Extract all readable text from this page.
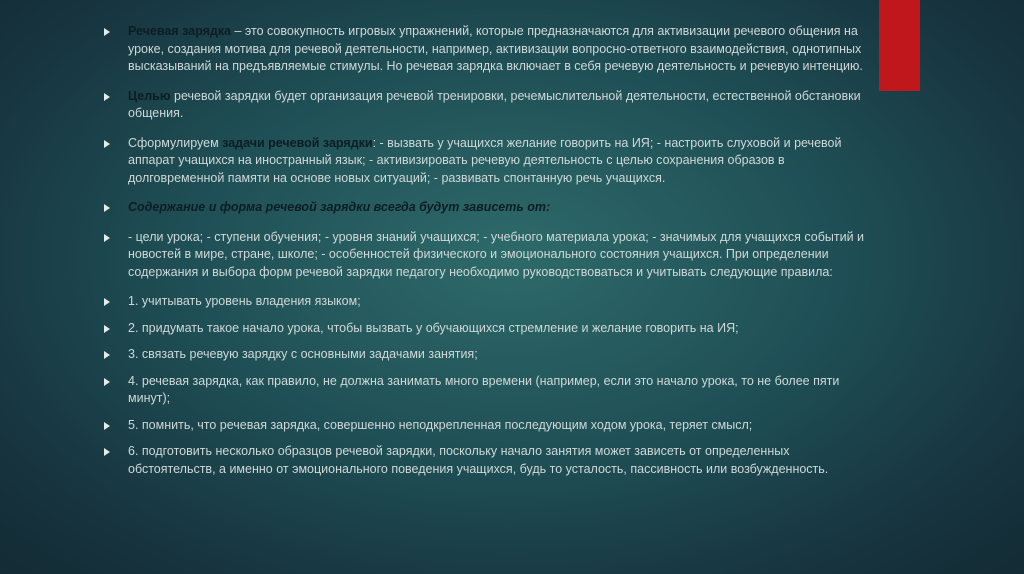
Речевая зарядка – это совокупность игровых упражнений, которые предназначаются для активизации речевого общения на уроке, создания мотива для речевой деятельности, например, активизации вопросно-ответного взаимодействия, однотипных высказываний на предъявляемые стимулы. Но речевая зарядка включает в себя речевую деятельность и речевую интенцию.
Целью речевой зарядки будет организация речевой тренировки, речемыслительной деятельности, естественной обстановки общения.
Сформулируем задачи речевой зарядки: - вызвать у учащихся желание говорить на ИЯ; - настроить слуховой и речевой аппарат учащихся на иностранный язык; - активизировать речевую деятельность с целью сохранения образов в долговременной памяти на основе новых ситуаций; - развивать спонтанную речь учащихся.
Содержание и форма речевой зарядки всегда будут зависеть от:
- цели урока; - ступени обучения; - уровня знаний учащихся; - учебного материала урока; - значимых для учащихся событий и новостей в мире, стране, школе; - особенностей физического и эмоционального состояния учащихся. При определении содержания и выбора форм речевой зарядки педагогу необходимо руководствоваться и учитывать следующие правила:
1. учитывать уровень владения языком;
2. придумать такое начало урока, чтобы вызвать у обучающихся стремление и желание говорить на ИЯ;
3. связать речевую зарядку с основными задачами занятия;
4. речевая зарядка, как правило, не должна занимать много времени (например, если это начало урока, то не более пяти минут);
5. помнить, что речевая зарядка, совершенно неподкрепленная последующим ходом урока, теряет смысл;
6. подготовить несколько образцов речевой зарядки, поскольку начало занятия может зависеть от определенных обстоятельств, а именно от эмоционального поведения учащихся, будь то усталость, пассивность или возбужденность.
